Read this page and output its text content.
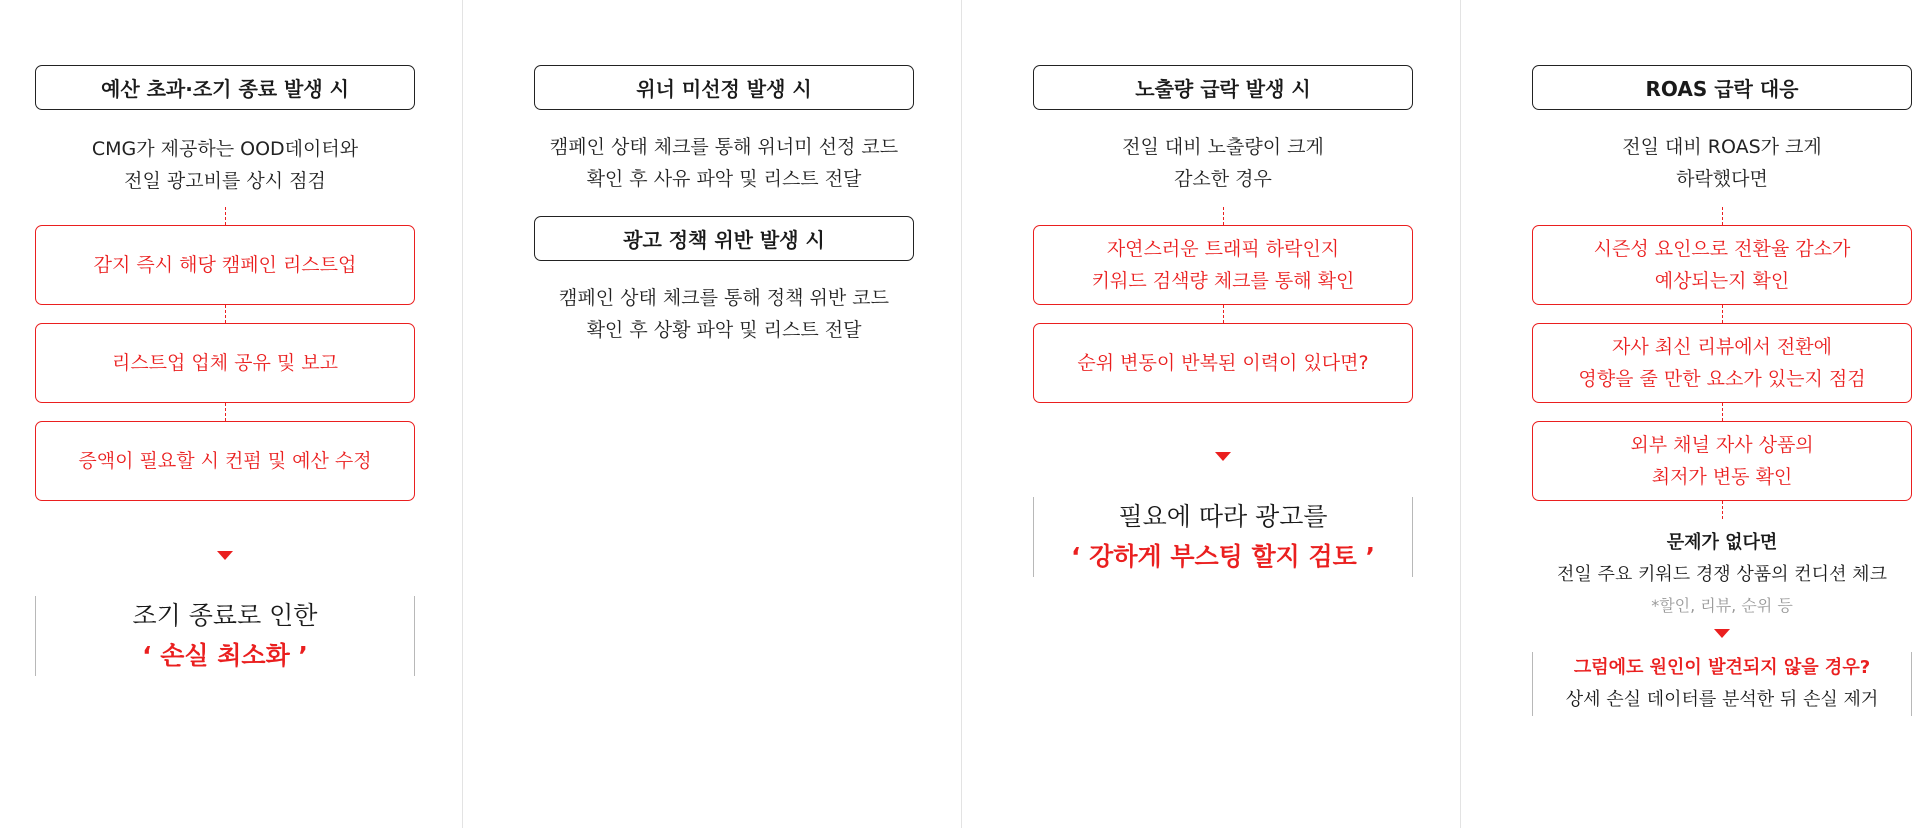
예산 초과·조기 종료 발생 시
CMG가 제공하는 OOD데이터와
전일 광고비를 상시 점검
감지 즉시 해당 캠페인 리스트업
리스트업 업체 공유 및 보고
증액이 필요할 시 컨펌 및 예산 수정
조기 종료로 인한
‘ 손실 최소화 ’
위너 미선정 발생 시
캠페인 상태 체크를 통해 위너미 선정 코드
확인 후 사유 파악 및 리스트 전달
광고 정책 위반 발생 시
캠페인 상태 체크를 통해 정책 위반 코드
확인 후 상황 파악 및 리스트 전달
노출량 급락 발생 시
전일 대비 노출량이 크게
감소한 경우
자연스러운 트래픽 하락인지
키워드 검색량 체크를 통해 확인
순위 변동이 반복된 이력이 있다면?
필요에 따라 광고를
‘ 강하게 부스팅 할지 검토 ’
ROAS 급락 대응
전일 대비 ROAS가 크게
하락했다면
시즌성 요인으로 전환율 감소가
예상되는지 확인
자사 최신 리뷰에서 전환에
영향을 줄 만한 요소가 있는지 점검
외부 채널 자사 상품의
최저가 변동 확인
문제가 없다면
전일 주요 키워드 경쟁 상품의 컨디션 체크
*할인, 리뷰, 순위 등
그럼에도 원인이 발견되지 않을 경우?
상세 손실 데이터를 분석한 뒤 손실 제거
